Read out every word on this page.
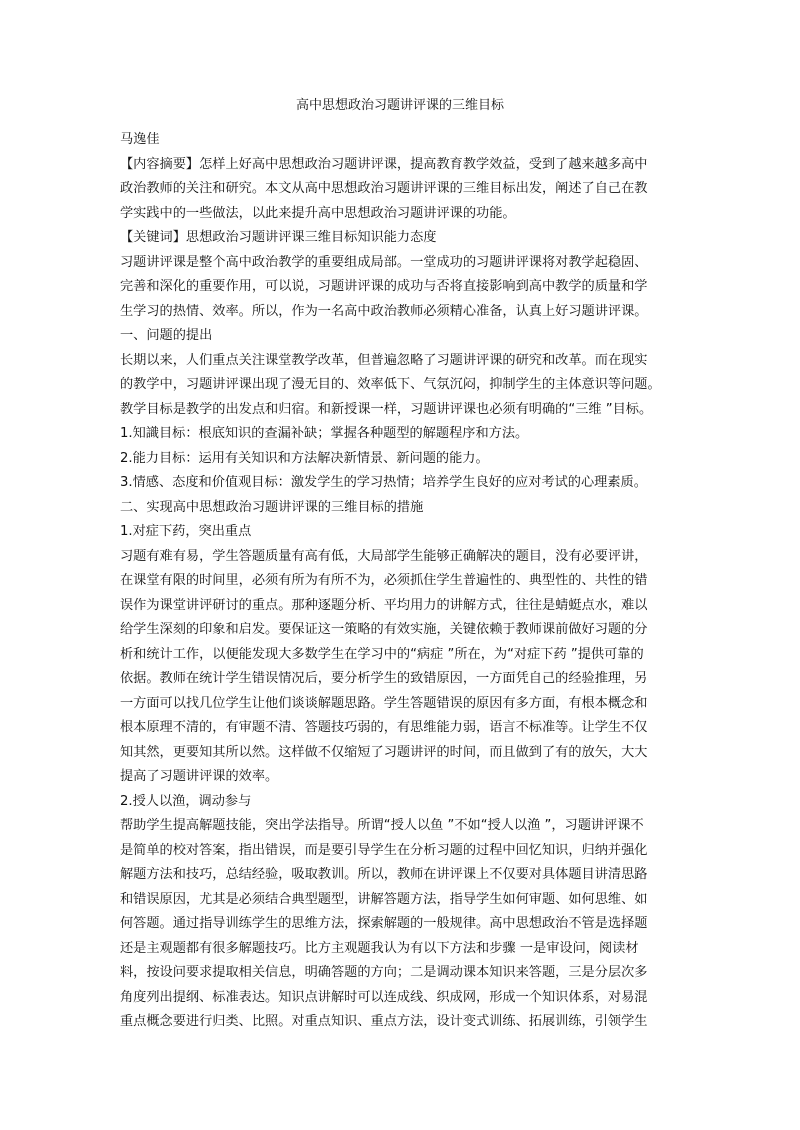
高中思想政治习题讲评课的三维目标

马逸佳

【内容摘要】怎样上好高中思想政治习题讲评课，提高教育教学效益，受到了越来越多高中

政治教师的关注和研究。本文从高中思想政治习题讲评课的三维目标出发，阐述了自己在教

学实践中的一些做法，以此来提升高中思想政治习题讲评课的功能。

【关键词】思想政治习题讲评课三维目标知识能力态度

习题讲评课是整个高中政治教学的重要组成局部。一堂成功的习题讲评课将对教学起稳固、

完善和深化的重要作用，可以说，习题讲评课的成功与否将直接影响到高中教学的质量和学

生学习的热情、效率。所以，作为一名高中政治教师必须精心准备，认真上好习题讲评课。

一、问题的提出

长期以来，人们重点关注课堂教学改革，但普遍忽略了习题讲评课的研究和改革。而在现实

的教学中，习题讲评课出现了漫无目的、效率低下、气氛沉闷，抑制学生的主体意识等问题。

教学目标是教学的出发点和归宿。和新授课一样，习题讲评课也必须有明确的“三维 ”目标。

1.知識目标：根底知识的查漏补缺；掌握各种题型的解题程序和方法。

2.能力目标：运用有关知识和方法解决新情景、新问题的能力。

3.情感、态度和价值观目标：激发学生的学习热情；培养学生良好的应对考试的心理素质。

二、实现高中思想政治习题讲评课的三维目标的措施

1.对症下药，突出重点

习题有难有易，学生答题质量有高有低，大局部学生能够正确解决的题目，没有必要评讲，

在课堂有限的时间里，必须有所为有所不为，必须抓住学生普遍性的、典型性的、共性的错

误作为课堂讲评研讨的重点。那种逐题分析、平均用力的讲解方式，往往是蜻蜓点水，难以

给学生深刻的印象和启发。要保证这一策略的有效实施，关键依赖于教师课前做好习题的分

析和统计工作，以便能发现大多数学生在学习中的“病症 ”所在，为“对症下药 ”提供可靠的

依据。教师在统计学生错误情况后，要分析学生的致错原因，一方面凭自己的经验推理，另

一方面可以找几位学生让他们谈谈解题思路。学生答题错误的原因有多方面，有根本概念和

根本原理不清的，有审题不清、答题技巧弱的，有思维能力弱，语言不标准等。让学生不仅

知其然，更要知其所以然。这样做不仅缩短了习题讲评的时间，而且做到了有的放矢，大大

提高了习题讲评课的效率。

2.授人以渔，调动参与

帮助学生提高解题技能，突出学法指导。所谓“授人以鱼 ”不如“授人以渔 ”，习题讲评课不

是简单的校对答案，指出错误，而是要引导学生在分析习题的过程中回忆知识，归纳并强化

解题方法和技巧，总结经验，吸取教训。所以，教师在讲评课上不仅要对具体题目讲清思路

和错误原因，尤其是必须结合典型题型，讲解答题方法，指导学生如何审题、如何思维、如

何答题。通过指导训练学生的思维方法，探索解题的一般规律。高中思想政治不管是选择题

还是主观题都有很多解题技巧。比方主观题我认为有以下方法和步骤 一是审设问，阅读材

料，按设问要求提取相关信息，明确答题的方向；二是调动课本知识来答题，三是分层次多

角度列出提纲、标准表达。知识点讲解时可以连成线、织成网，形成一个知识体系，对易混

重点概念要进行归类、比照。对重点知识、重点方法，设计变式训练、拓展训练，引领学生
